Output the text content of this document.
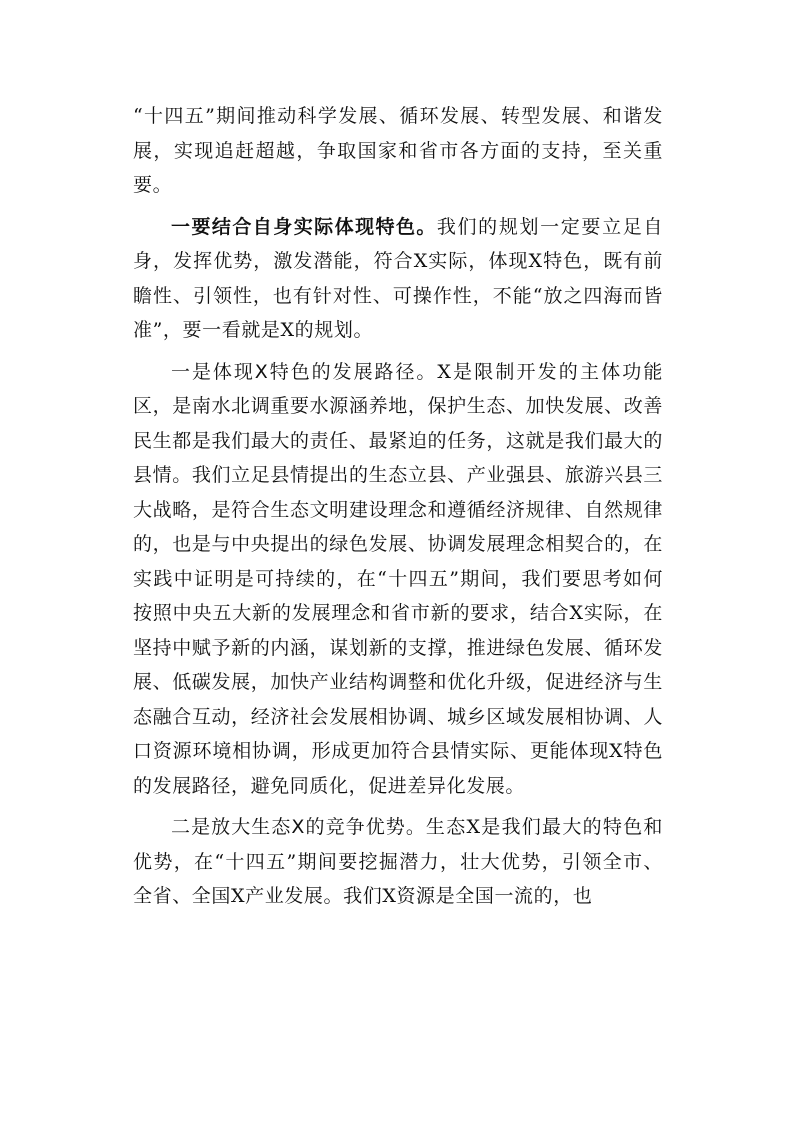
“十四五”期间推动科学发展、循环发展、转型发展、和谐发展，实现追赶超越，争取国家和省市各方面的支持，至关重要。

一要结合自身实际体现特色。我们的规划一定要立足自身，发挥优势，激发潜能，符合X实际，体现X特色，既有前瞻性、引领性，也有针对性、可操作性，不能“放之四海而皆准”，要一看就是X的规划。

一是体现X特色的发展路径。X是限制开发的主体功能区，是南水北调重要水源涵养地，保护生态、加快发展、改善民生都是我们最大的责任、最紧迫的任务，这就是我们最大的县情。我们立足县情提出的生态立县、产业强县、旅游兴县三大战略，是符合生态文明建设理念和遵循经济规律、自然规律的，也是与中央提出的绿色发展、协调发展理念相契合的，在实践中证明是可持续的，在“十四五”期间，我们要思考如何按照中央五大新的发展理念和省市新的要求，结合X实际，在坚持中赋予新的内涵，谋划新的支撑，推进绿色发展、循环发展、低碳发展，加快产业结构调整和优化升级，促进经济与生态融合互动，经济社会发展相协调、城乡区域发展相协调、人口资源环境相协调，形成更加符合县情实际、更能体现X特色的发展路径，避免同质化，促进差异化发展。

二是放大生态X的竞争优势。生态X是我们最大的特色和优势，在“十四五”期间要挖掘潜力，壮大优势，引领全市、全省、全国X产业发展。我们X资源是全国一流的，也
